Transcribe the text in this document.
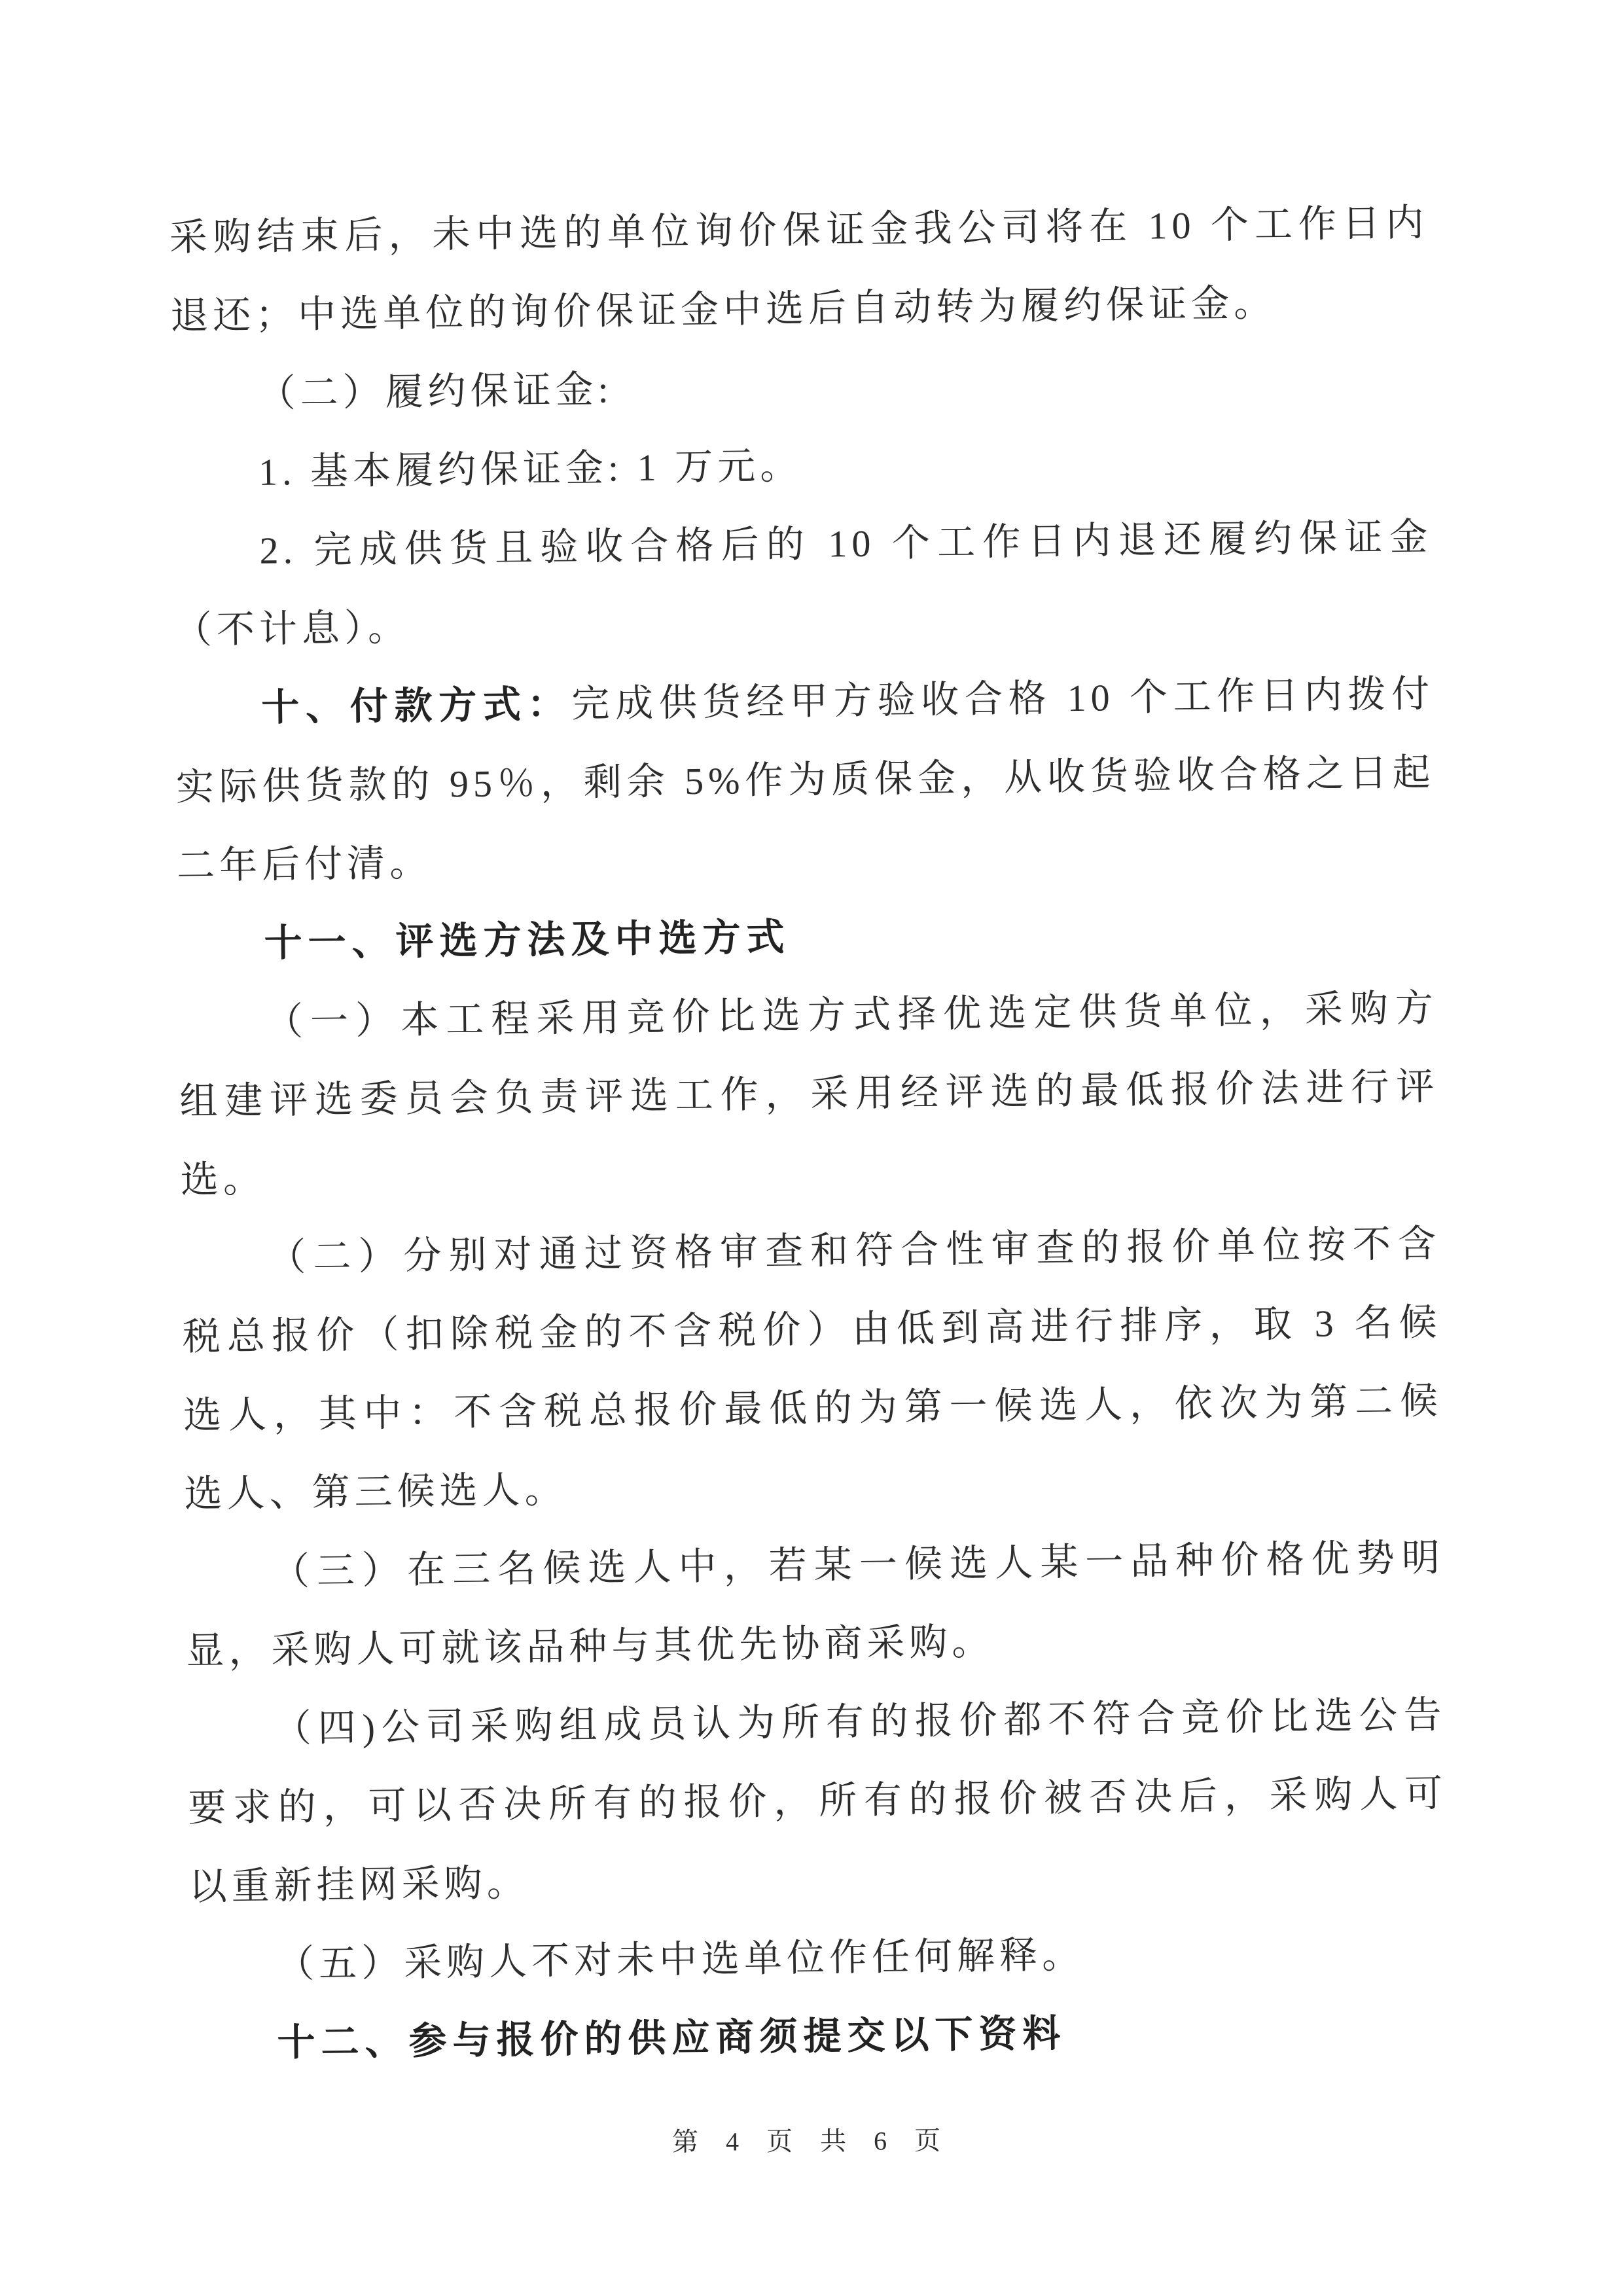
采购结束后，未中选的单位询价保证金我公司将在 10 个工作日内
退还；中选单位的询价保证金中选后自动转为履约保证金。
（二）履约保证金:
1. 基本履约保证金: 1 万元。
2. 完成供货且验收合格后的 10 个工作日内退还履约保证金
（不计息）。
十、付款方式：完成供货经甲方验收合格 10 个工作日内拨付
实际供货款的 95％，剩余 5%作为质保金，从收货验收合格之日起
二年后付清。
十一、评选方法及中选方式
（一）本工程采用竞价比选方式择优选定供货单位，采购方
组建评选委员会负责评选工作，采用经评选的最低报价法进行评
选。
（二）分别对通过资格审查和符合性审查的报价单位按不含
税总报价（扣除税金的不含税价）由低到高进行排序，取 3 名候
选人，其中：不含税总报价最低的为第一候选人，依次为第二候
选人、第三候选人。
（三）在三名候选人中，若某一候选人某一品种价格优势明
显，采购人可就该品种与其优先协商采购。
（四)公司采购组成员认为所有的报价都不符合竞价比选公告
要求的，可以否决所有的报价，所有的报价被否决后，采购人可
以重新挂网采购。
（五）采购人不对未中选单位作任何解释。
十二、参与报价的供应商须提交以下资料
第 4 页 共 6 页
